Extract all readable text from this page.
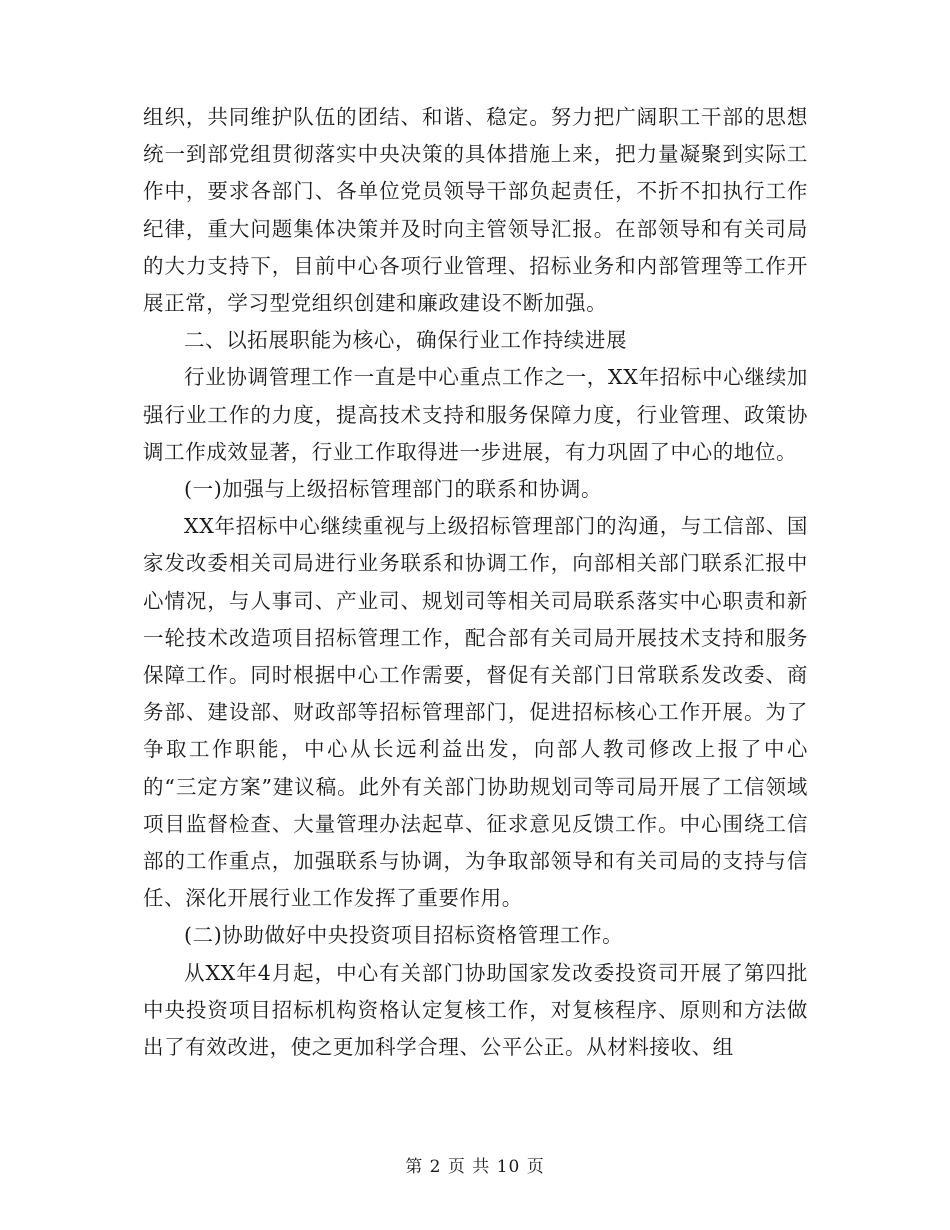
组织，共同维护队伍的团结、和谐、稳定。努力把广阔职工干部的思想统一到部党组贯彻落实中央决策的具体措施上来，把力量凝聚到实际工作中，要求各部门、各单位党员领导干部负起责任，不折不扣执行工作纪律，重大问题集体决策并及时向主管领导汇报。在部领导和有关司局的大力支持下，目前中心各项行业管理、招标业务和内部管理等工作开展正常，学习型党组织创建和廉政建设不断加强。

二、以拓展职能为核心，确保行业工作持续进展

行业协调管理工作一直是中心重点工作之一，XX年招标中心继续加强行业工作的力度，提高技术支持和服务保障力度，行业管理、政策协调工作成效显著，行业工作取得进一步进展，有力巩固了中心的地位。

(一)加强与上级招标管理部门的联系和协调。

XX年招标中心继续重视与上级招标管理部门的沟通，与工信部、国家发改委相关司局进行业务联系和协调工作，向部相关部门联系汇报中心情况，与人事司、产业司、规划司等相关司局联系落实中心职责和新一轮技术改造项目招标管理工作，配合部有关司局开展技术支持和服务保障工作。同时根据中心工作需要，督促有关部门日常联系发改委、商务部、建设部、财政部等招标管理部门，促进招标核心工作开展。为了争取工作职能，中心从长远利益出发，向部人教司修改上报了中心的“三定方案”建议稿。此外有关部门协助规划司等司局开展了工信领域项目监督检查、大量管理办法起草、征求意见反馈工作。中心围绕工信部的工作重点，加强联系与协调，为争取部领导和有关司局的支持与信任、深化开展行业工作发挥了重要作用。

(二)协助做好中央投资项目招标资格管理工作。

从XX年4月起，中心有关部门协助国家发改委投资司开展了第四批中央投资项目招标机构资格认定复核工作，对复核程序、原则和方法做出了有效改进，使之更加科学合理、公平公正。从材料接收、组

第 2 页 共 10 页
